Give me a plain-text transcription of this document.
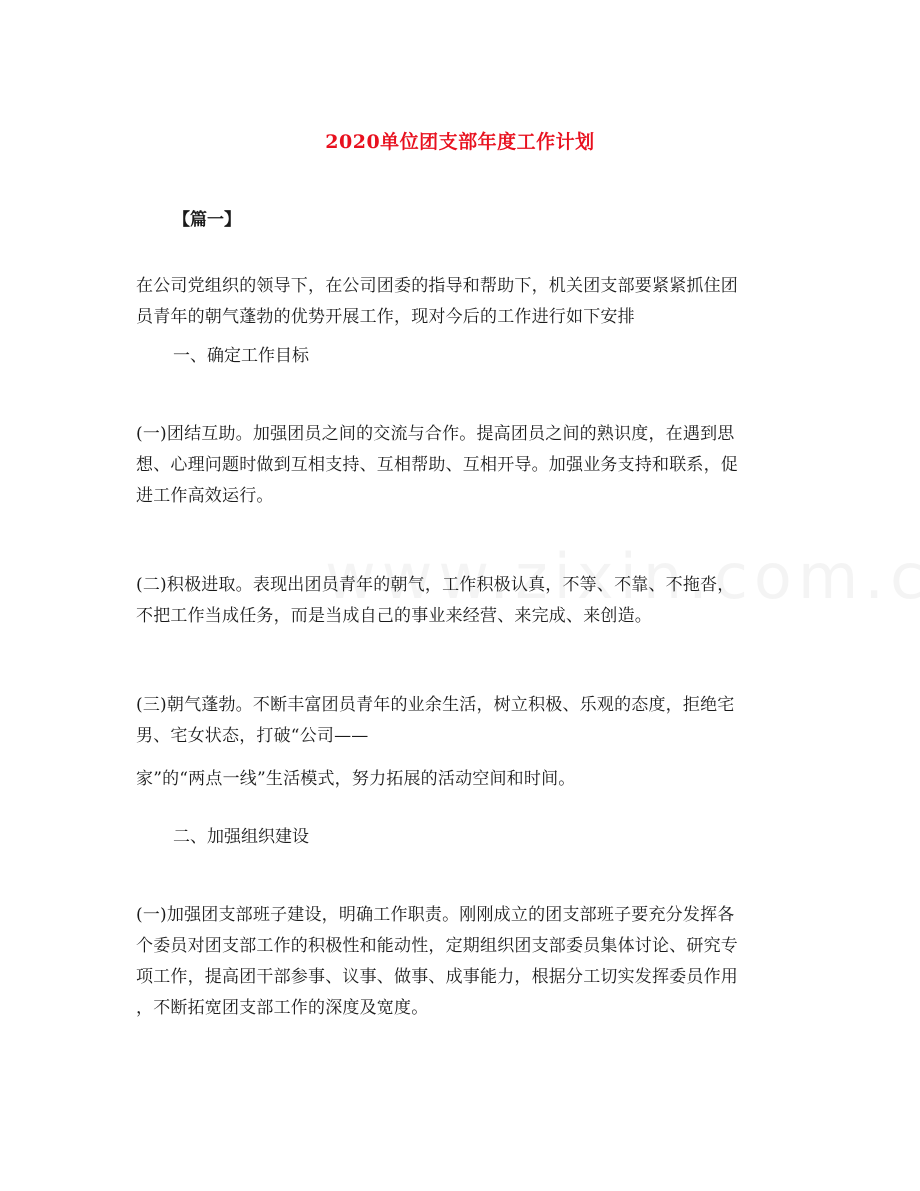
2020单位团支部年度工作计划
【篇一】
在公司党组织的领导下，在公司团委的指导和帮助下，机关团支部要紧紧抓住团
员青年的朝气蓬勃的优势开展工作，现对今后的工作进行如下安排
一、确定工作目标
(一)团结互助。加强团员之间的交流与合作。提高团员之间的熟识度，在遇到思
想、心理问题时做到互相支持、互相帮助、互相开导。加强业务支持和联系，促
进工作高效运行。
(二)积极进取。表现出团员青年的朝气，工作积极认真，不等、不靠、不拖沓，
不把工作当成任务，而是当成自己的事业来经营、来完成、来创造。
(三)朝气蓬勃。不断丰富团员青年的业余生活，树立积极、乐观的态度，拒绝宅
男、宅女状态，打破“公司——
家”的“两点一线”生活模式，努力拓展的活动空间和时间。
二、加强组织建设
(一)加强团支部班子建设，明确工作职责。刚刚成立的团支部班子要充分发挥各
个委员对团支部工作的积极性和能动性，定期组织团支部委员集体讨论、研究专
项工作，提高团干部参事、议事、做事、成事能力，根据分工切实发挥委员作用
，不断拓宽团支部工作的深度及宽度。
